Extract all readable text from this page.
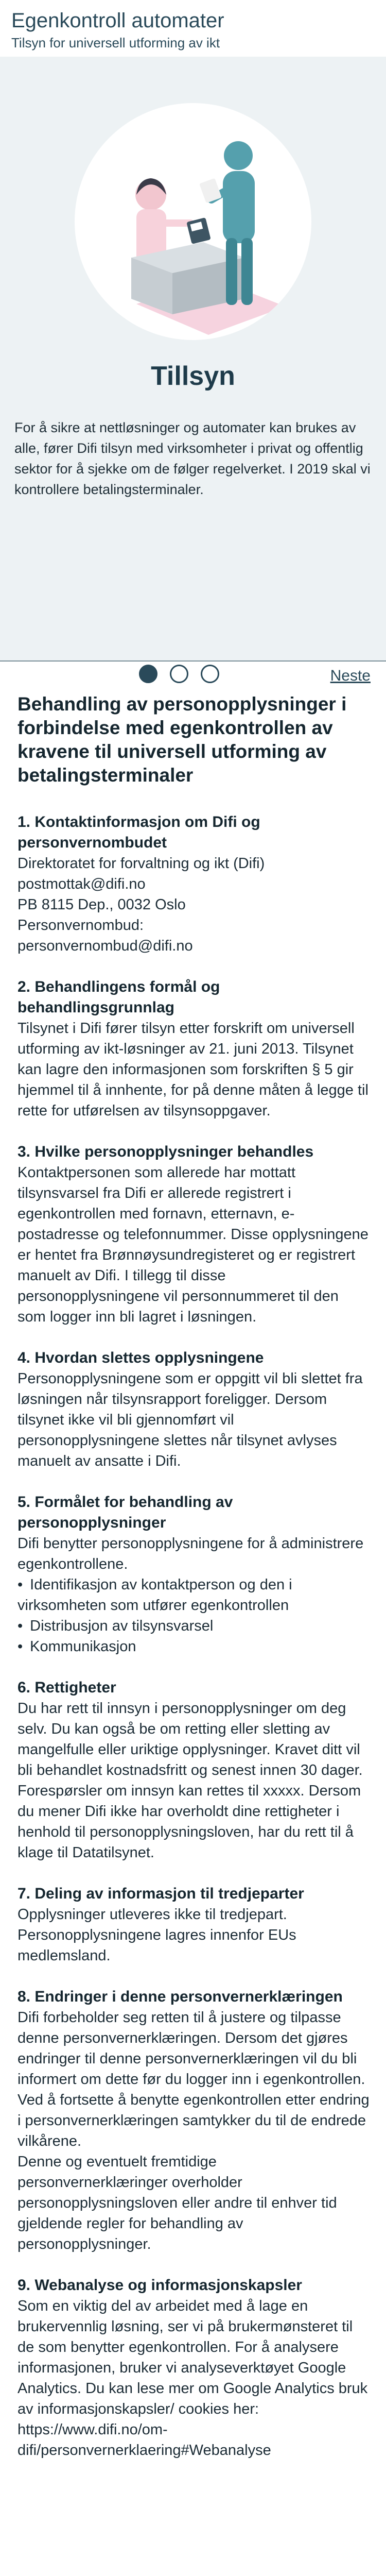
Egenkontroll automater
Tilsyn for universell utforming av ikt
Tillsyn
For å sikre at nettløsninger og automater kan brukes av alle, fører Difi tilsyn med virksomheter i privat og offentlig sektor for å sjekke om de følger regelverket. I 2019 skal vi kontrollere betalingsterminaler.
Neste
Behandling av personopplysninger i forbindelse med egenkontrollen av kravene til universell utforming av betalingsterminaler
1. Kontaktinformasjon om Difi og personvernombudet

Direktoratet for forvaltning og ikt (Difi)
postmottak@difi.no
PB 8115 Dep., 0032 Oslo
Personvernombud:
personvernombud@difi.no

2. Behandlingens formål og behandlingsgrunnlag

Tilsynet i Difi fører tilsyn etter forskrift om universell utforming av ikt-løsninger av 21. juni 2013. Tilsynet kan lagre den informasjonen som forskriften § 5 gir hjemmel til å innhente, for på denne måten å legge til rette for utførelsen av tilsynsoppgaver.

3. Hvilke personopplysninger behandles

Kontaktpersonen som allerede har mottatt tilsynsvarsel fra Difi er allerede registrert i egenkontrollen med fornavn, etternavn, e-postadresse og telefonnummer. Disse opplysningene er hentet fra Brønnøysundregisteret og er registrert manuelt av Difi. I tillegg til disse personopplysningene vil personnummeret til den som logger inn bli lagret i løsningen.

4. Hvordan slettes opplysningene

Personopplysningene som er oppgitt vil bli slettet fra løsningen når tilsynsrapport foreligger. Dersom tilsynet ikke vil bli gjennomført vil personopplysningene slettes når tilsynet avlyses manuelt av ansatte i Difi.

5. Formålet for behandling av personopplysninger

Difi benytter personopplysningene for å administrere egenkontrollene.

• Identifikasjon av kontaktperson og den i virksomheten som utfører egenkontrollen
• Distribusjon av tilsynsvarsel
• Kommunikasjon
6. Rettigheter

Du har rett til innsyn i personopplysninger om deg selv. Du kan også be om retting eller sletting av mangelfulle eller uriktige opplysninger. Kravet ditt vil bli behandlet kostnadsfritt og senest innen 30 dager. Forespørsler om innsyn kan rettes til xxxxx. Dersom du mener Difi ikke har overholdt dine rettigheter i henhold til personopplysningsloven, har du rett til å klage til Datatilsynet.

7. Deling av informasjon til tredjeparter

Opplysninger utleveres ikke til tredjepart. Personopplysningene lagres innenfor EUs medlemsland.

8. Endringer i denne personvernerklæringen

Difi forbeholder seg retten til å justere og tilpasse denne personvernerklæringen. Dersom det gjøres endringer til denne personvernerklæringen vil du bli informert om dette før du logger inn i egenkontrollen. Ved å fortsette å benytte egenkontrollen etter endring i personvernerklæringen samtykker du til de endrede vilkårene.
Denne og eventuelt fremtidige personvernerklæringer overholder personopplysningsloven eller andre til enhver tid gjeldende regler for behandling av personopplysninger.

9. Webanalyse og informasjonskapsler

Som en viktig del av arbeidet med å lage en brukervennlig løsning, ser vi på brukermønsteret til de som benytter egenkontrollen. For å analysere informasjonen, bruker vi analyseverktøyet Google Analytics. Du kan lese mer om Google Analytics bruk av informasjonskapsler/ cookies her: https://www.difi.no/om-difi/personvernerklaering#Webanalyse
